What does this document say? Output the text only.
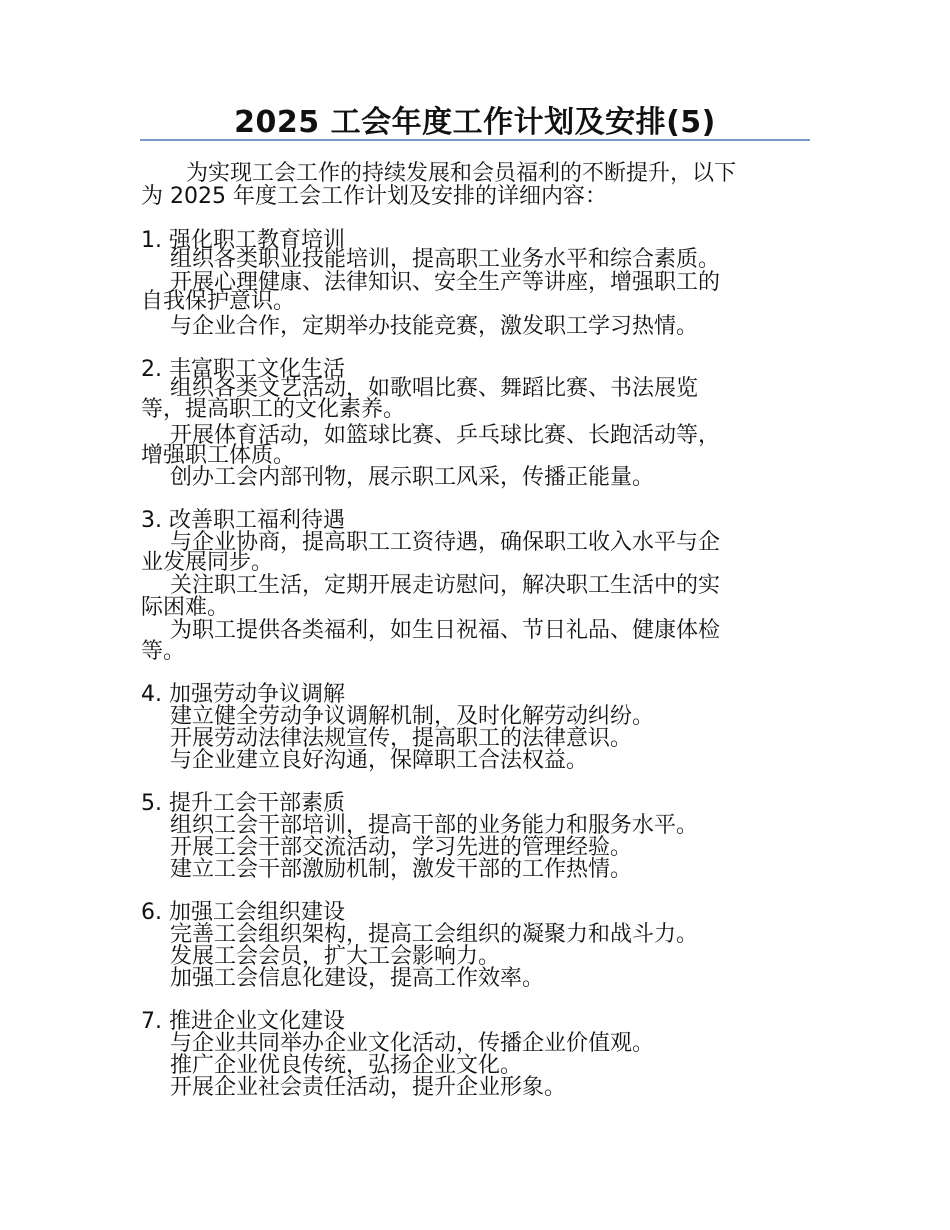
2025 工会年度工作计划及安排(5)
为实现工会工作的持续发展和会员福利的不断提升，以下
为 2025 年度工会工作计划及安排的详细内容：
1. 强化职工教育培训
组织各类职业技能培训，提高职工业务水平和综合素质。
开展心理健康、法律知识、安全生产等讲座，增强职工的
自我保护意识。
与企业合作，定期举办技能竞赛，激发职工学习热情。
2. 丰富职工文化生活
组织各类文艺活动，如歌唱比赛、舞蹈比赛、书法展览
等，提高职工的文化素养。
开展体育活动，如篮球比赛、乒乓球比赛、长跑活动等，
增强职工体质。
创办工会内部刊物，展示职工风采，传播正能量。
3. 改善职工福利待遇
与企业协商，提高职工工资待遇，确保职工收入水平与企
业发展同步。
关注职工生活，定期开展走访慰问，解决职工生活中的实
际困难。
为职工提供各类福利，如生日祝福、节日礼品、健康体检
等。
4. 加强劳动争议调解
建立健全劳动争议调解机制，及时化解劳动纠纷。
开展劳动法律法规宣传，提高职工的法律意识。
与企业建立良好沟通，保障职工合法权益。
5. 提升工会干部素质
组织工会干部培训，提高干部的业务能力和服务水平。
开展工会干部交流活动，学习先进的管理经验。
建立工会干部激励机制，激发干部的工作热情。
6. 加强工会组织建设
完善工会组织架构，提高工会组织的凝聚力和战斗力。
发展工会会员，扩大工会影响力。
加强工会信息化建设，提高工作效率。
7. 推进企业文化建设
与企业共同举办企业文化活动，传播企业价值观。
推广企业优良传统，弘扬企业文化。
开展企业社会责任活动，提升企业形象。
